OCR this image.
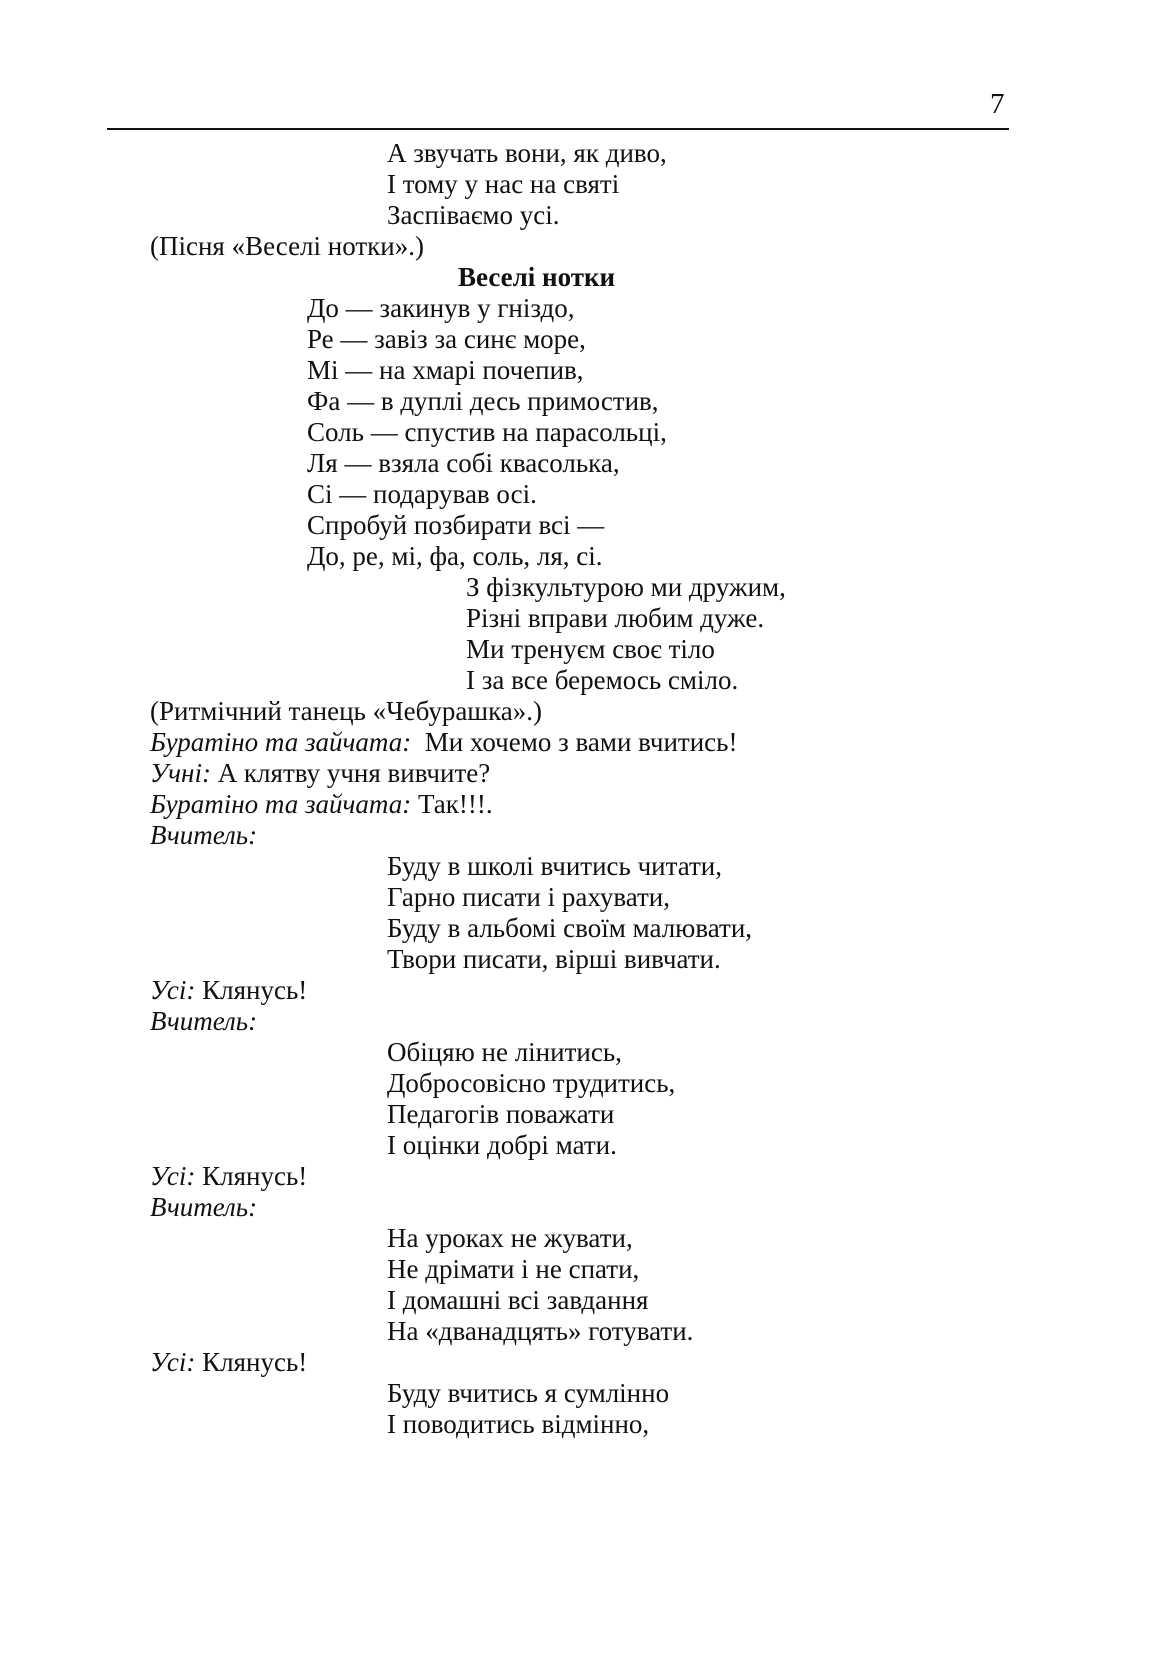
7
А звучать вони, як диво,
І тому у нас на святі
Заспіваємо усі.
(Пісня «Веселі нотки».)
Веселі нотки
До — закинув у гніздо,
Ре — завіз за синє море,
Мі — на хмарі почепив,
Фа — в дуплі десь примостив,
Соль — спустив на парасольці,
Ля — взяла собі квасолька,
Сі — подарував осі.
Спробуй позбирати всі —
До, ре, мі, фа, соль, ля, сі.
З фізкультурою ми дружим,
Різні вправи любим дуже.
Ми тренуєм своє тіло
І за все беремось сміло.
(Ритмічний танець «Чебурашка».)
Буратіно та зайчата:  Ми хочемо з вами вчитись!
Учні: А клятву учня вивчите?
Буратіно та зайчата: Так!!!.
Вчитель:
Буду в школі вчитись читати,
Гарно писати і рахувати,
Буду в альбомі своїм малювати,
Твори писати, вірші вивчати.
Усі: Клянусь!
Вчитель:
Обіцяю не лінитись,
Добросовісно трудитись,
Педагогів поважати
І оцінки добрі мати.
Усі: Клянусь!
Вчитель:
На уроках не жувати,
Не дрімати і не спати,
І домашні всі завдання
На «дванадцять» готувати.
Усі: Клянусь!
Буду вчитись я сумлінно
І поводитись відмінно,
